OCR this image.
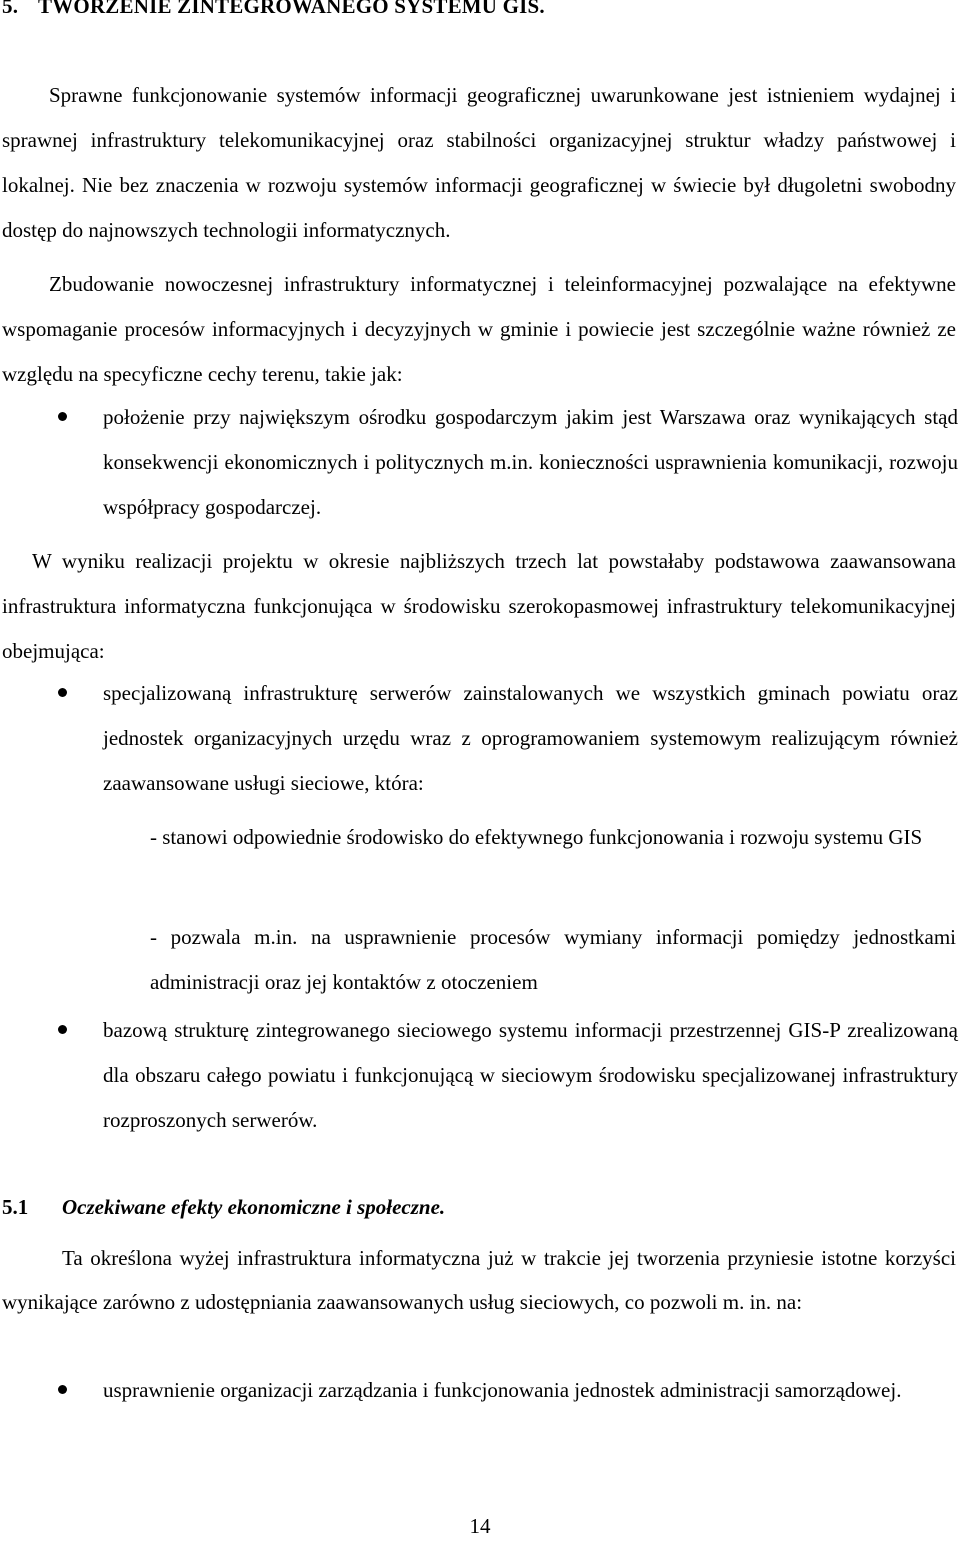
5. TWORZENIE ZINTEGROWANEGO SYSTEMU GIS.

Sprawne funkcjonowanie systemów informacji geograficznej uwarunkowane jest istnieniem wydajnej i sprawnej infrastruktury telekomunikacyjnej oraz stabilności organizacyjnej struktur władzy państwowej i lokalnej. Nie bez znaczenia w rozwoju systemów informacji geograficznej w świecie był długoletni swobodny dostęp do najnowszych technologii informatycznych.

Zbudowanie nowoczesnej infrastruktury informatycznej i teleinformacyjnej pozwalające na efektywne wspomaganie procesów informacyjnych i decyzyjnych w gminie i powiecie jest szczególnie ważne również ze względu na specyficzne cechy terenu, takie jak:

położenie przy największym ośrodku gospodarczym jakim jest Warszawa oraz wynikających stąd konsekwencji ekonomicznych i politycznych m.in. konieczności usprawnienia komunikacji, rozwoju współpracy gospodarczej.

W wyniku realizacji projektu w okresie najbliższych trzech lat powstałaby podstawowa zaawansowana infrastruktura informatyczna funkcjonująca w środowisku szerokopasmowej infrastruktury telekomunikacyjnej obejmująca:

specjalizowaną infrastrukturę serwerów zainstalowanych we wszystkich gminach powiatu oraz jednostek organizacyjnych urzędu wraz z oprogramowaniem systemowym realizującym również zaawansowane usługi sieciowe, która:

- stanowi odpowiednie środowisko do efektywnego funkcjonowania i rozwoju systemu GIS

- pozwala m.in. na usprawnienie procesów wymiany informacji pomiędzy jednostkami administracji oraz jej kontaktów z otoczeniem

bazową strukturę zintegrowanego sieciowego systemu informacji przestrzennej GIS-P zrealizowaną dla obszaru całego powiatu i funkcjonującą w sieciowym środowisku specjalizowanej infrastruktury rozproszonych serwerów.
5.1 Oczekiwane efekty ekonomiczne i społeczne.

Ta określona wyżej infrastruktura informatyczna już w trakcie jej tworzenia przyniesie istotne korzyści wynikające zarówno z udostępniania zaawansowanych usług sieciowych, co pozwoli m. in. na:

usprawnienie organizacji zarządzania i funkcjonowania jednostek administracji samorządowej.
14
